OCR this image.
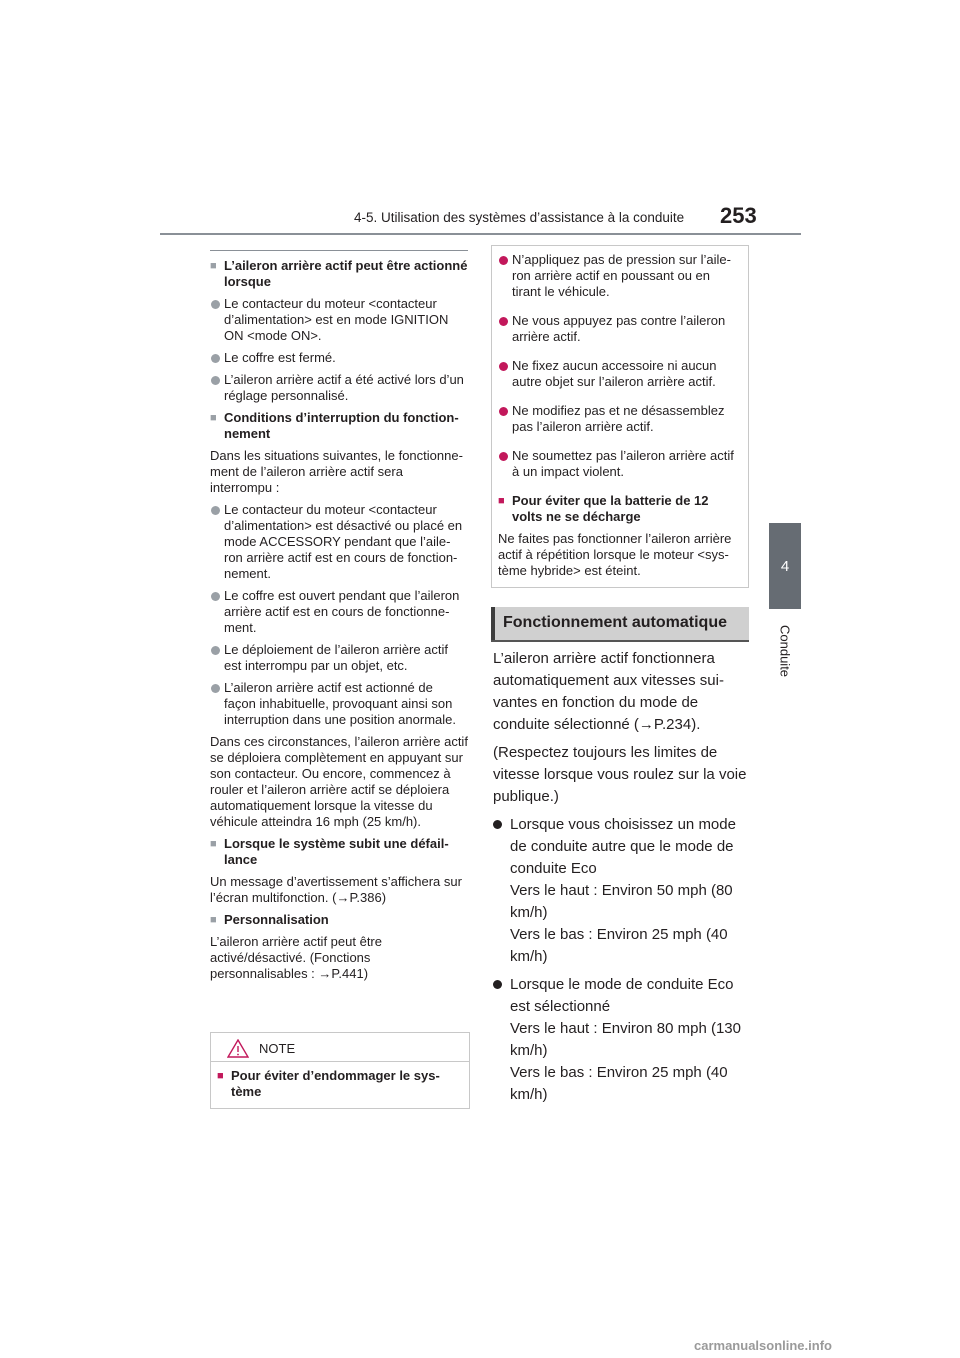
4-5. Utilisation des systèmes d’assistance à la conduite 253
4
Conduite
■ L’aileron arrière actif peut être actionné lorsque
Le contacteur du moteur <contacteur d’alimentation> est en mode IGNITION ON <mode ON>.
Le coffre est fermé.
L’aileron arrière actif a été activé lors d’un réglage personnalisé.
■ Conditions d’interruption du fonction-nement
Dans les situations suivantes, le fonctionne-ment de l’aileron arrière actif sera interrompu :
Le contacteur du moteur <contacteur d’alimentation> est désactivé ou placé en mode ACCESSORY pendant que l’aile-ron arrière actif est en cours de fonction-nement.
Le coffre est ouvert pendant que l’aileron arrière actif est en cours de fonctionne-ment.
Le déploiement de l’aileron arrière actif est interrompu par un objet, etc.
L’aileron arrière actif est actionné de façon inhabituelle, provoquant ainsi son interruption dans une position anormale.
Dans ces circonstances, l’aileron arrière actif se déploiera complètement en appuyant sur son contacteur. Ou encore, commencez à rouler et l’aileron arrière actif se déploiera automatiquement lorsque la vitesse du véhicule atteindra 16 mph (25 km/h).
■ Lorsque le système subit une défail-lance
Un message d’avertissement s’affichera sur l’écran multifonction. (→P.386)
■ Personnalisation
L’aileron arrière actif peut être activé/désactivé. (Fonctions personnalisables : →P.441)
NOTE
■ Pour éviter d’endommager le sys-tème
N’appliquez pas de pression sur l’aile-ron arrière actif en poussant ou en tirant le véhicule.
Ne vous appuyez pas contre l’aileron arrière actif.
Ne fixez aucun accessoire ni aucun autre objet sur l’aileron arrière actif.
Ne modifiez pas et ne désassemblez pas l’aileron arrière actif.
Ne soumettez pas l’aileron arrière actif à un impact violent.
■ Pour éviter que la batterie de 12 volts ne se décharge
Ne faites pas fonctionner l’aileron arrière actif à répétition lorsque le moteur <sys-tème hybride> est éteint.
Fonctionnement automatique
L’aileron arrière actif fonctionnera automatiquement aux vitesses sui-vantes en fonction du mode de conduite sélectionné (→P.234).
(Respectez toujours les limites de vitesse lorsque vous roulez sur la voie publique.)
Lorsque vous choisissez un mode de conduite autre que le mode de conduite Eco
Vers le haut : Environ 50 mph (80 km/h)
Vers le bas : Environ 25 mph (40 km/h)
Lorsque le mode de conduite Eco est sélectionné
Vers le haut : Environ 80 mph (130 km/h)
Vers le bas : Environ 25 mph (40 km/h)
carmanualsonline.info
